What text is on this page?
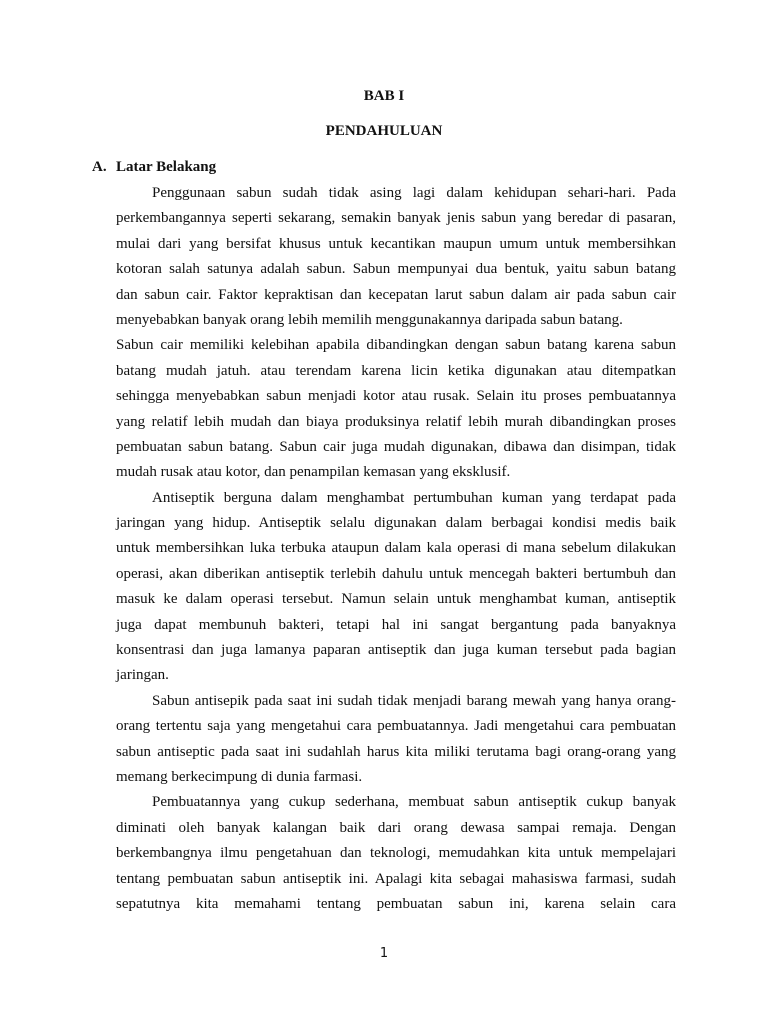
BAB I
PENDAHULUAN
A. Latar Belakang
Penggunaan sabun sudah tidak asing lagi dalam kehidupan sehari-hari. Pada
perkembangannya seperti sekarang, semakin banyak jenis sabun yang beredar di pasaran,
mulai dari yang bersifat khusus untuk kecantikan maupun umum untuk membersihkan
kotoran salah satunya adalah sabun. Sabun mempunyai dua bentuk, yaitu sabun batang
dan sabun cair. Faktor kepraktisan dan kecepatan larut sabun dalam air pada sabun cair
menyebabkan banyak orang lebih memilih menggunakannya daripada sabun batang.
Sabun cair memiliki kelebihan apabila dibandingkan dengan sabun batang karena sabun
batang mudah jatuh. atau terendam karena licin ketika digunakan atau ditempatkan
sehingga menyebabkan sabun menjadi kotor atau rusak. Selain itu proses pembuatannya
yang relatif lebih mudah dan biaya produksinya relatif lebih murah dibandingkan proses
pembuatan sabun batang. Sabun cair juga mudah digunakan, dibawa dan disimpan, tidak
mudah rusak atau kotor, dan penampilan kemasan yang eksklusif.
Antiseptik berguna dalam menghambat pertumbuhan kuman yang terdapat pada
jaringan yang hidup. Antiseptik selalu digunakan dalam berbagai kondisi medis baik
untuk membersihkan luka terbuka ataupun dalam kala operasi di mana sebelum dilakukan
operasi, akan diberikan antiseptik terlebih dahulu untuk mencegah bakteri bertumbuh dan
masuk ke dalam operasi tersebut. Namun selain untuk menghambat kuman, antiseptik
juga dapat membunuh bakteri, tetapi hal ini sangat bergantung pada banyaknya
konsentrasi dan juga lamanya paparan antiseptik dan juga kuman tersebut pada bagian
jaringan.
Sabun antisepik pada saat ini sudah tidak menjadi barang mewah yang hanya orang-
orang tertentu saja yang mengetahui cara pembuatannya. Jadi mengetahui cara pembuatan
sabun antiseptic pada saat ini sudahlah harus kita miliki terutama bagi orang-orang yang
memang berkecimpung di dunia farmasi.
Pembuatannya yang cukup sederhana, membuat sabun antiseptik cukup banyak
diminati oleh banyak kalangan baik dari orang dewasa sampai remaja. Dengan
berkembangnya ilmu pengetahuan dan teknologi, memudahkan kita untuk mempelajari
tentang pembuatan sabun antiseptik ini. Apalagi kita sebagai mahasiswa farmasi, sudah
sepatutnya kita memahami tentang pembuatan sabun ini, karena selain cara
1
